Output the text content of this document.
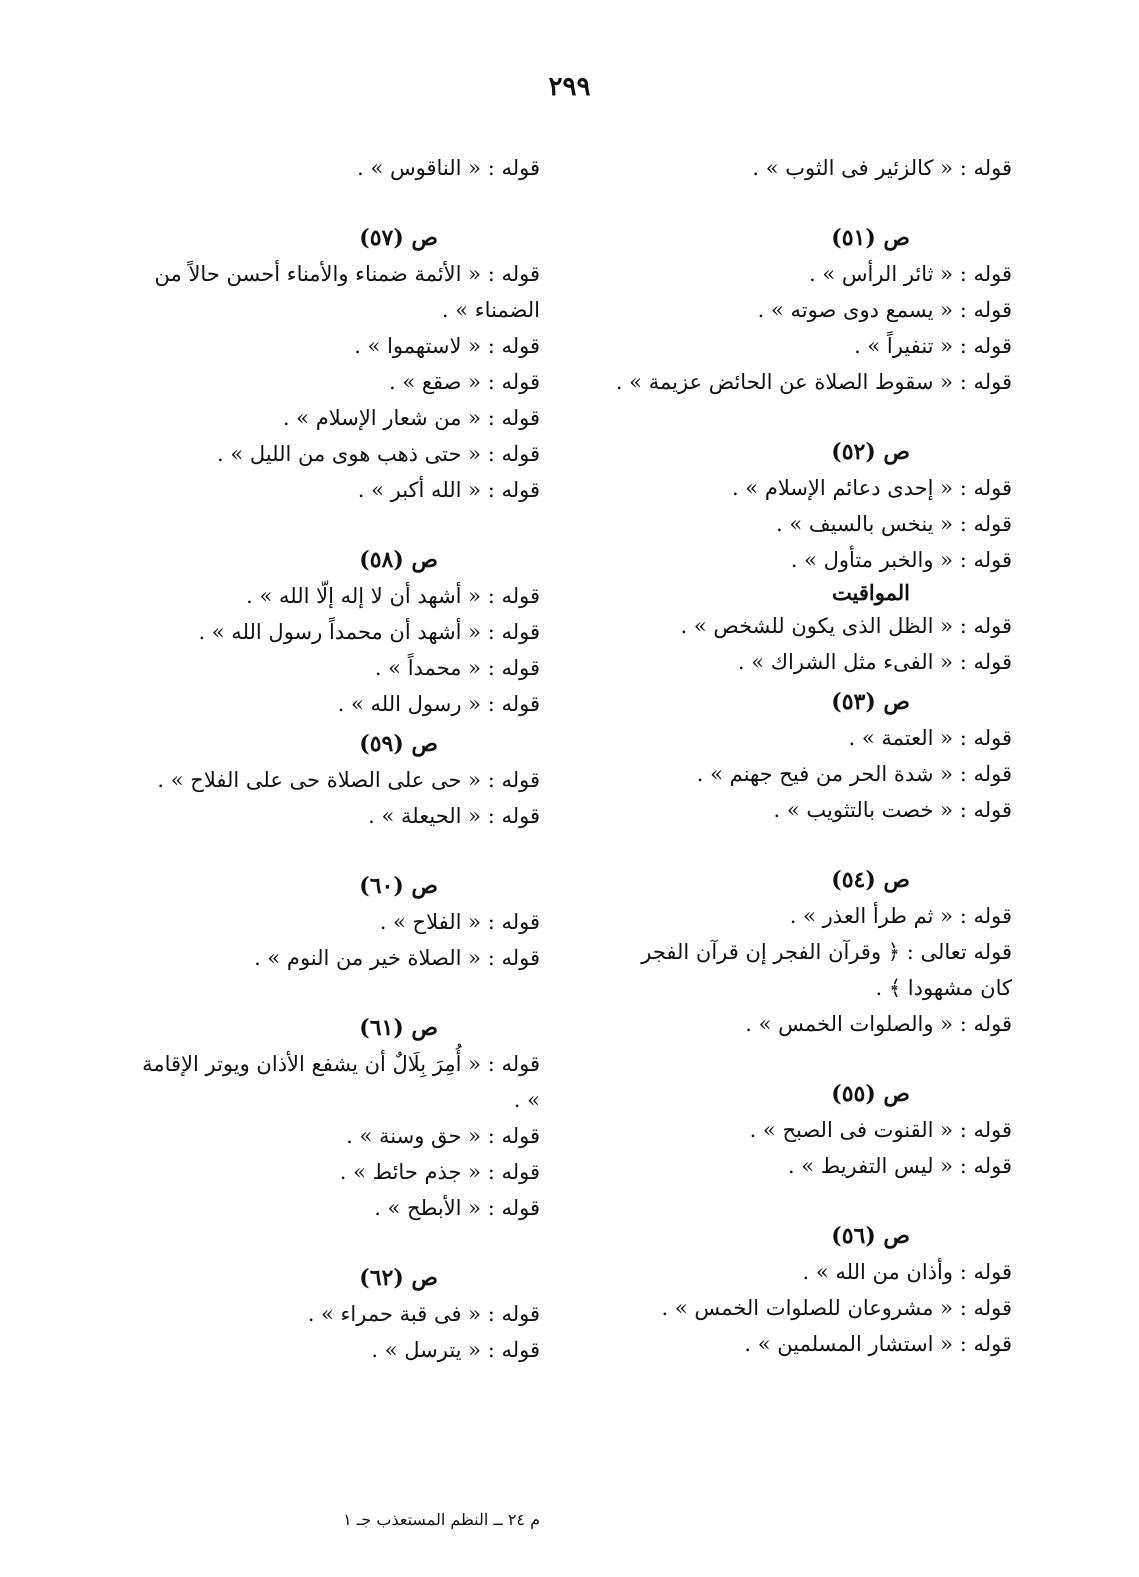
٢٩٩
قوله : « كالزئير فى الثوب » .
ص (٥١)
قوله : « ثائر الرأس » .
قوله : « يسمع دوى صوته » .
قوله : « تنفيراً » .
قوله : « سقوط الصلاة عن الحائض عزيمة » .
ص (٥٢)
قوله : « إحدى دعائم الإسلام » .
قوله : « ينخس بالسيف » .
قوله : « والخبر متأول » .
المواقيت
قوله : « الظل الذى يكون للشخص » .
قوله : « الفىء مثل الشراك » .
ص (٥٣)
قوله : « العتمة » .
قوله : « شدة الحر من فيح جهنم » .
قوله : « خصت بالتثويب » .
ص (٥٤)
قوله : « ثم طرأ العذر » .
قوله تعالى : ﴿ وقرآن الفجر إن قرآن الفجر كان مشهودا ﴾ .
قوله : « والصلوات الخمس » .
ص (٥٥)
قوله : « القنوت فى الصبح » .
قوله : « ليس التفريط » .
ص (٥٦)
قوله : وأذان من الله » .
قوله : « مشروعان للصلوات الخمس » .
قوله : « استشار المسلمين » .
قوله : « الناقوس » .
ص (٥٧)
قوله : « الأئمة ضمناء والأمناء أحسن حالاً من الضمناء » .
قوله : « لاستهموا » .
قوله : « صقع » .
قوله : « من شعار الإسلام » .
قوله : « حتى ذهب هوى من الليل » .
قوله : « الله أكبر » .
ص (٥٨)
قوله : « أشهد أن لا إله إلّا الله » .
قوله : « أشهد أن محمداً رسول الله » .
قوله : « محمداً » .
قوله : « رسول الله » .
ص (٥٩)
قوله : « حى على الصلاة حى على الفلاح » .
قوله : « الحيعلة » .
ص (٦٠)
قوله : « الفلاح » .
قوله : « الصلاة خير من النوم » .
ص (٦١)
قوله : « أُمِرَ بِلَالٌ أن يشفع الأذان ويوتر الإقامة » .
قوله : « حق وسنة » .
قوله : « جذم حائط » .
قوله : « الأبطح » .
ص (٦٢)
قوله : « فى قبة حمراء » .
قوله : « يترسل » .
م ٢٤ ــ النظم المستعذب جـ ١
